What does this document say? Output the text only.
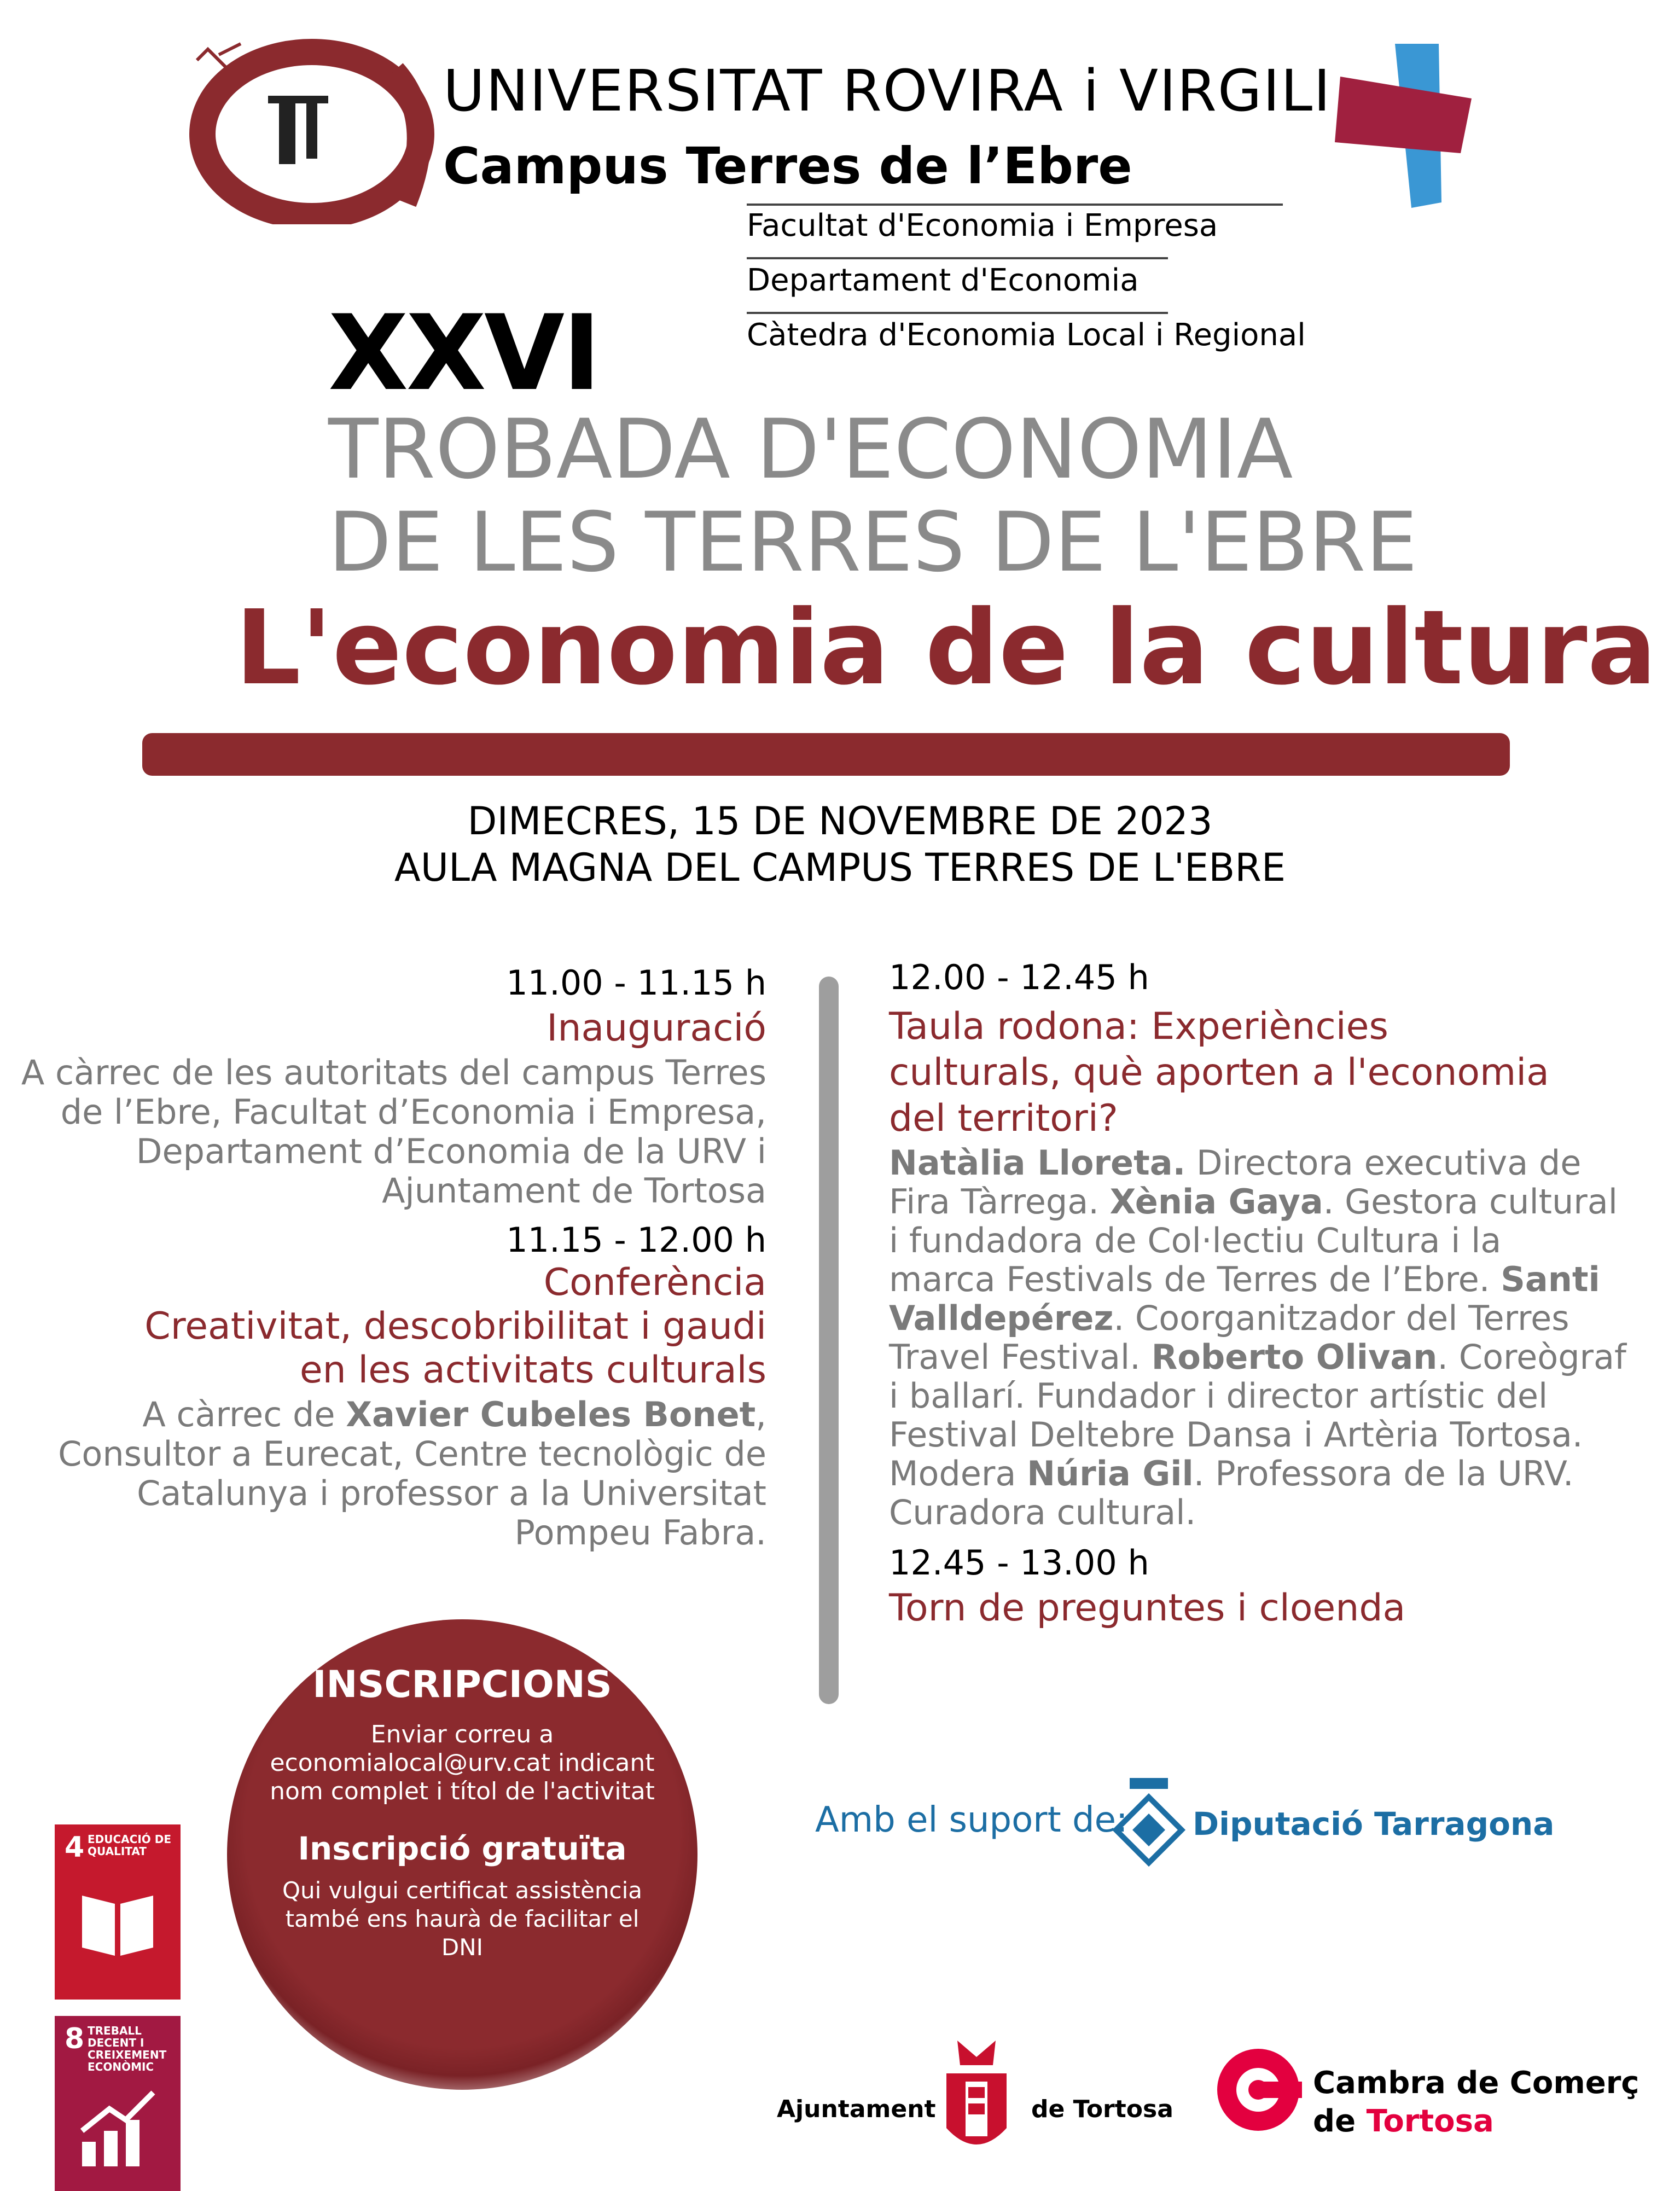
UNIVERSITAT ROVIRA i VIRGILI
Campus Terres de l’Ebre
Facultat d'Economia i Empresa
Departament d'Economia
Càtedra d'Economia Local i Regional
XXVI
TROBADA D'ECONOMIA
DE LES TERRES DE L'EBRE
L'economia de la cultura
DIMECRES, 15 DE NOVEMBRE DE 2023
AULA MAGNA DEL CAMPUS TERRES DE L'EBRE
11.00 - 11.15 h
Inauguració
A càrrec de les autoritats del campus Terres
de l’Ebre, Facultat d’Economia i Empresa,
Departament d’Economia de la URV i
Ajuntament de Tortosa
11.15 - 12.00 h
Conferència
Creativitat, descobribilitat i gaudi
en les activitats culturals
A càrrec de Xavier Cubeles Bonet,
Consultor a Eurecat, Centre tecnològic de
Catalunya i professor a la Universitat
Pompeu Fabra.
12.00 - 12.45 h
Taula rodona: Experiències
culturals, què aporten a l'economia
del territori?
Natàlia Lloreta. Directora executiva de
Fira Tàrrega. Xènia Gaya. Gestora cultural
i fundadora de Col·lectiu Cultura i la
marca Festivals de Terres de l’Ebre. Santi
Valldepérez. Coorganitzador del Terres
Travel Festival. Roberto Olivan. Coreògraf
i ballarí. Fundador i director artístic del
Festival Deltebre Dansa i Artèria Tortosa.
Modera Núria Gil. Professora de la URV.
Curadora cultural.
12.45 - 13.00 h
Torn de preguntes i cloenda
INSCRIPCIONS
Enviar correu a
economialocal@urv.cat indicant
nom complet i títol de l'activitat
Inscripció gratuïta
Qui vulgui certificat assistència
també ens haurà de facilitar el
DNI
4 EDUCACIÓ DE QUALITAT
8 TREBALL DECENT I CREIXEMENT ECONÒMIC
Amb el suport de: Diputació Tarragona
Ajuntament	de Tortosa
Cambra de Comerç
de Tortosa
